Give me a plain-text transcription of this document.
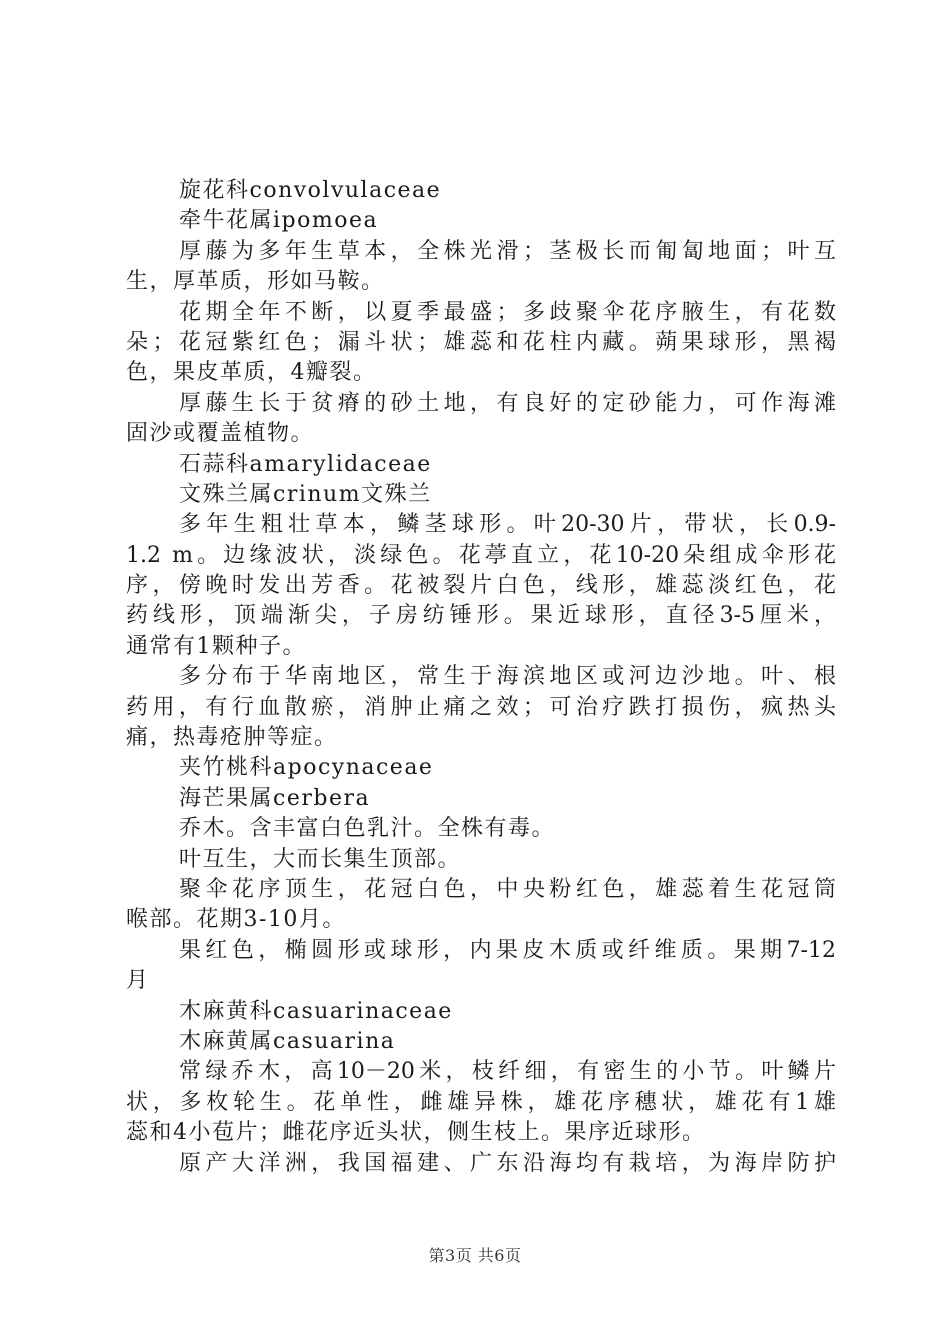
旋花科convolvulaceae
牵牛花属ipomoea
厚藤为多年生草本，全株光滑；茎极长而匍匐地面；叶互
生，厚革质，形如马鞍。
花期全年不断，以夏季最盛；多歧聚伞花序腋生，有花数
朵；花冠紫红色；漏斗状；雄蕊和花柱内藏。蒴果球形，黑褐
色，果皮革质，4瓣裂。
厚藤生长于贫瘠的砂土地，有良好的定砂能力，可作海滩
固沙或覆盖植物。
石蒜科amarylidaceae
文殊兰属crinum文殊兰
多年生粗壮草本，鳞茎球形。叶20-30片，带状，长0.9-
1.2 m。边缘波状，淡绿色。花葶直立，花10-20朵组成伞形花
序，傍晚时发出芳香。花被裂片白色，线形，雄蕊淡红色，花
药线形，顶端渐尖，子房纺锤形。果近球形，直径3-5厘米，
通常有1颗种子。
多分布于华南地区，常生于海滨地区或河边沙地。叶、根
药用，有行血散瘀，消肿止痛之效；可治疗跌打损伤，疯热头
痛，热毒疮肿等症。
夹竹桃科apocynaceae
海芒果属cerbera
乔木。含丰富白色乳汁。全株有毒。
叶互生，大而长集生顶部。
聚伞花序顶生，花冠白色，中央粉红色，雄蕊着生花冠筒
喉部。花期3-10月。
果红色，椭圆形或球形，内果皮木质或纤维质。果期7-12
月
木麻黄科casuarinaceae
木麻黄属casuarina
常绿乔木，高10－20米，枝纤细，有密生的小节。叶鳞片
状，多枚轮生。花单性，雌雄异株，雄花序穗状，雄花有1雄
蕊和4小苞片；雌花序近头状，侧生枝上。果序近球形。
原产大洋洲，我国福建、广东沿海均有栽培，为海岸防护
第3页 共6页
